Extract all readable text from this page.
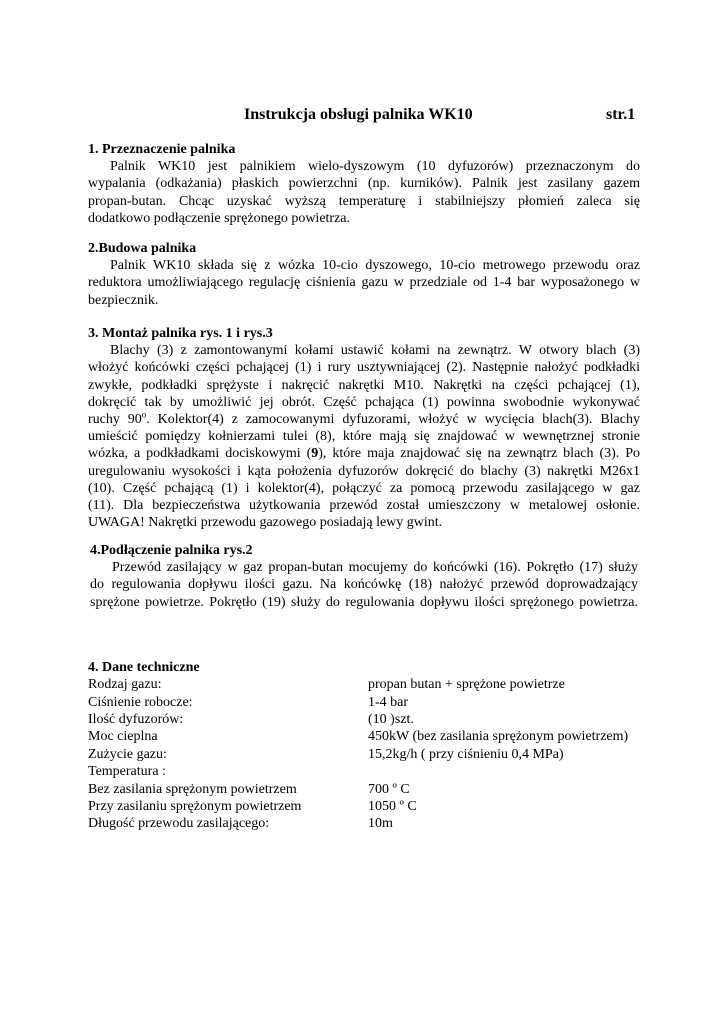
Instrukcja obsługi palnika WK10	str.1
1. Przeznaczenie palnika
Palnik WK10 jest palnikiem wielo-dyszowym (10 dyfuzorów) przeznaczonym do
wypalania (odkażania) płaskich powierzchni (np. kurników). Palnik jest zasilany gazem
propan-butan. Chcąc uzyskać wyższą temperaturę i stabilniejszy płomień zaleca się
dodatkowo podłączenie sprężonego powietrza.
2.Budowa palnika
Palnik WK10 składa się z wózka 10-cio dyszowego, 10-cio metrowego przewodu oraz
reduktora umożliwiającego regulację ciśnienia gazu w przedziale od 1-4 bar wyposażonego w
bezpiecznik.
3. Montaż palnika rys. 1 i rys.3
Blachy (3) z zamontowanymi kołami ustawić kołami na zewnątrz. W otwory blach (3)
włożyć końcówki części pchającej (1) i rury usztywniającej (2). Następnie nałożyć podkładki
zwykłe, podkładki sprężyste i nakręcić nakrętki M10. Nakrętki na części pchającej (1),
dokręcić tak by umożliwić jej obrót. Część pchająca (1) powinna swobodnie wykonywać
ruchy 90$^o$. Kolektor(4) z zamocowanymi dyfuzorami, włożyć w wycięcia blach(3). Blachy
umieścić pomiędzy kołnierzami tulei (8), które mają się znajdować w wewnętrznej stronie
wózka, a podkładkami dociskowymi (9), które maja znajdować się na zewnątrz blach (3). Po
uregulowaniu wysokości i kąta położenia dyfuzorów dokręcić do blachy (3) nakrętki M26x1
(10). Część pchającą (1) i kolektor(4), połączyć za pomocą przewodu zasilającego w gaz
(11). Dla bezpieczeństwa użytkowania przewód został umieszczony w metalowej osłonie.
UWAGA! Nakrętki przewodu gazowego posiadają lewy gwint.
4.Podłączenie palnika rys.2
Przewód zasilający w gaz propan-butan mocujemy do końcówki (16). Pokrętło (17) służy
do regulowania dopływu ilości gazu. Na końcówkę (18) nałożyć przewód doprowadzający
sprężone powietrze. Pokrętło (19) służy do regulowania dopływu ilości sprężonego powietrza.
4. Dane techniczne
Rodzaj gazu:	propan butan + sprężone powietrze
Ciśnienie robocze:	1-4 bar
Ilość dyfuzorów:	(10 )szt.
Moc cieplna	450kW (bez zasilania sprężonym powietrzem)
Zużycie gazu:	15,2kg/h ( przy ciśnieniu 0,4 MPa)
Temperatura :	
Bez zasilania sprężonym powietrzem	700 º C
Przy zasilaniu sprężonym powietrzem	1050 º C
Długość przewodu zasilającego:	10m
